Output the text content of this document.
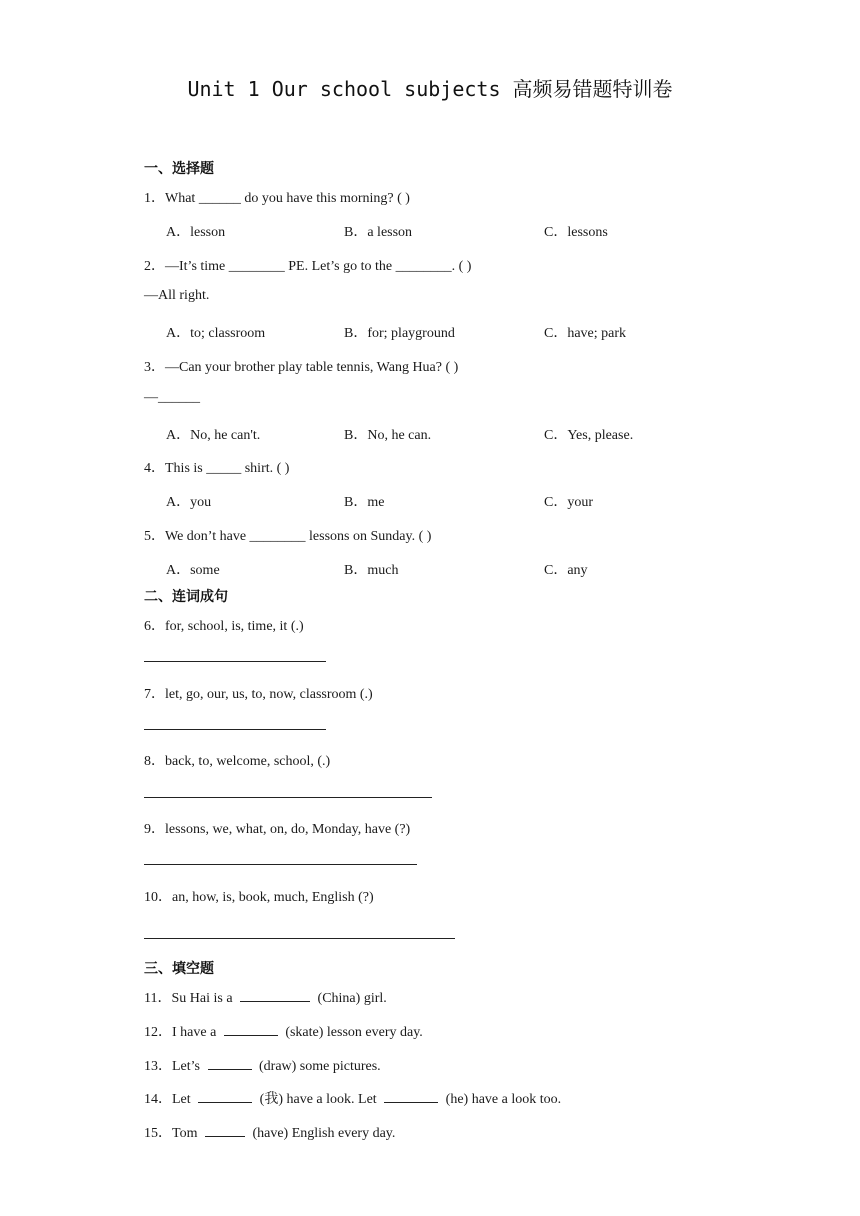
Unit 1 Our school subjects 高频易错题特训卷
一、选择题
1．What ______ do you have this morning? ( )
A．lesson	B．a lesson	C．lessons
2．—It’s time ________ PE. Let’s go to the ________. ( )
—All right.
A．to; classroom	B．for; playground	C．have; park
3．—Can your brother play table tennis, Wang Hua? ( )
—______
A．No, he can't.	B．No, he can.	C．Yes, please.
4．This is _____ shirt. ( )
A．you	B．me	C．your
5．We don’t have ________ lessons on Sunday. ( )
A．some	B．much	C．any
二、连词成句
6．for, school, is, time, it (.)
7．let, go, our, us, to, now, classroom (.)
8．back, to, welcome, school, (.)
9．lessons, we, what, on, do, Monday, have (?)
10．an, how, is, book, much, English (?)
三、填空题
11．Su Hai is a	(China) girl.
12．I have a	(skate) lesson every day.
13．Let’s	(draw) some pictures.
14．Let	(我) have a look. Let	(he) have a look too.
15．Tom	(have) English every day.
